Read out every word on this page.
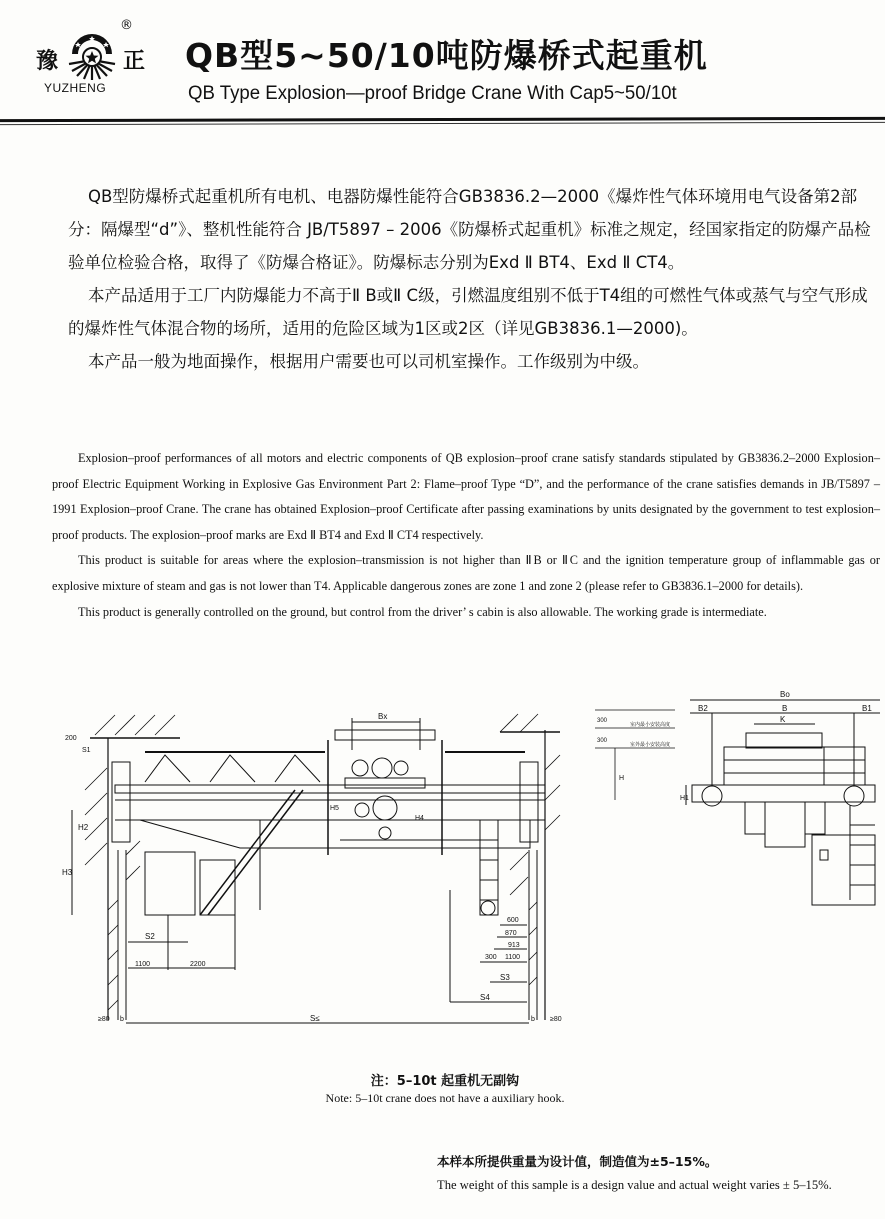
®
豫	正
YUZHENG
QB型5~50/10吨防爆桥式起重机
QB Type Explosion—proof Bridge Crane With Cap5~50/10t

QB型防爆桥式起重机所有电机、电器防爆性能符合GB3836.2—2000《爆炸性气体环境用电气设备第2部分：隔爆型“d”》、整机性能符合 JB/T5897 – 2006《防爆桥式起重机》标准之规定，经国家指定的防爆产品检验单位检验合格，取得了《防爆合格证》。防爆标志分别为Exd Ⅱ BT4、Exd Ⅱ CT4。

本产品适用于工厂内防爆能力不高于Ⅱ B或Ⅱ C级，引燃温度组别不低于T4组的可燃性气体或蒸气与空气形成的爆炸性气体混合物的场所，适用的危险区域为1区或2区（详见GB3836.1—2000)。

本产品一般为地面操作，根据用户需要也可以司机室操作。工作级别为中级。

Explosion–proof performances of all motors and electric components of QB explosion–proof crane satisfy standards stipulated by GB3836.2–2000 Explosion–proof Electric Equipment Working in Explosive Gas Environment Part 2: Flame–proof Type “D”, and the performance of the crane satisfies demands in JB/T5897 – 1991 Explosion–proof Crane. The crane has obtained Explosion–proof Certificate after passing examinations by units designated by the government to test explosion–proof products. The explosion–proof marks are Exd Ⅱ BT4 and Exd Ⅱ CT4 respectively.

This product is suitable for areas where the explosion–transmission is not higher than ⅡB or ⅡC and the ignition temperature group of inflammable gas or explosive mixture of steam and gas is not lower than T4. Applicable dangerous zones are zone 1 and zone 2 (please refer to GB3836.1–2000 for details).

This product is generally controlled on the ground, but control from the driver’ s cabin is also allowable. The working grade is intermediate.

Bx
H3
H2
200
S1
S2
1100	2200
S≤
≥80 b	b ≥80
600
870
913
300 1100
S3
S4
H5
H4
300
300
室内最小安装高度
室外最小安装高度
H
Bo
B2	B	B1
K
H1
注：5–10t 起重机无副钩
Note: 5–10t crane does not have a auxiliary hook.
本样本所提供重量为设计值，制造值为±5–15%。
The weight of this sample is a design value and actual weight varies ± 5–15%.
